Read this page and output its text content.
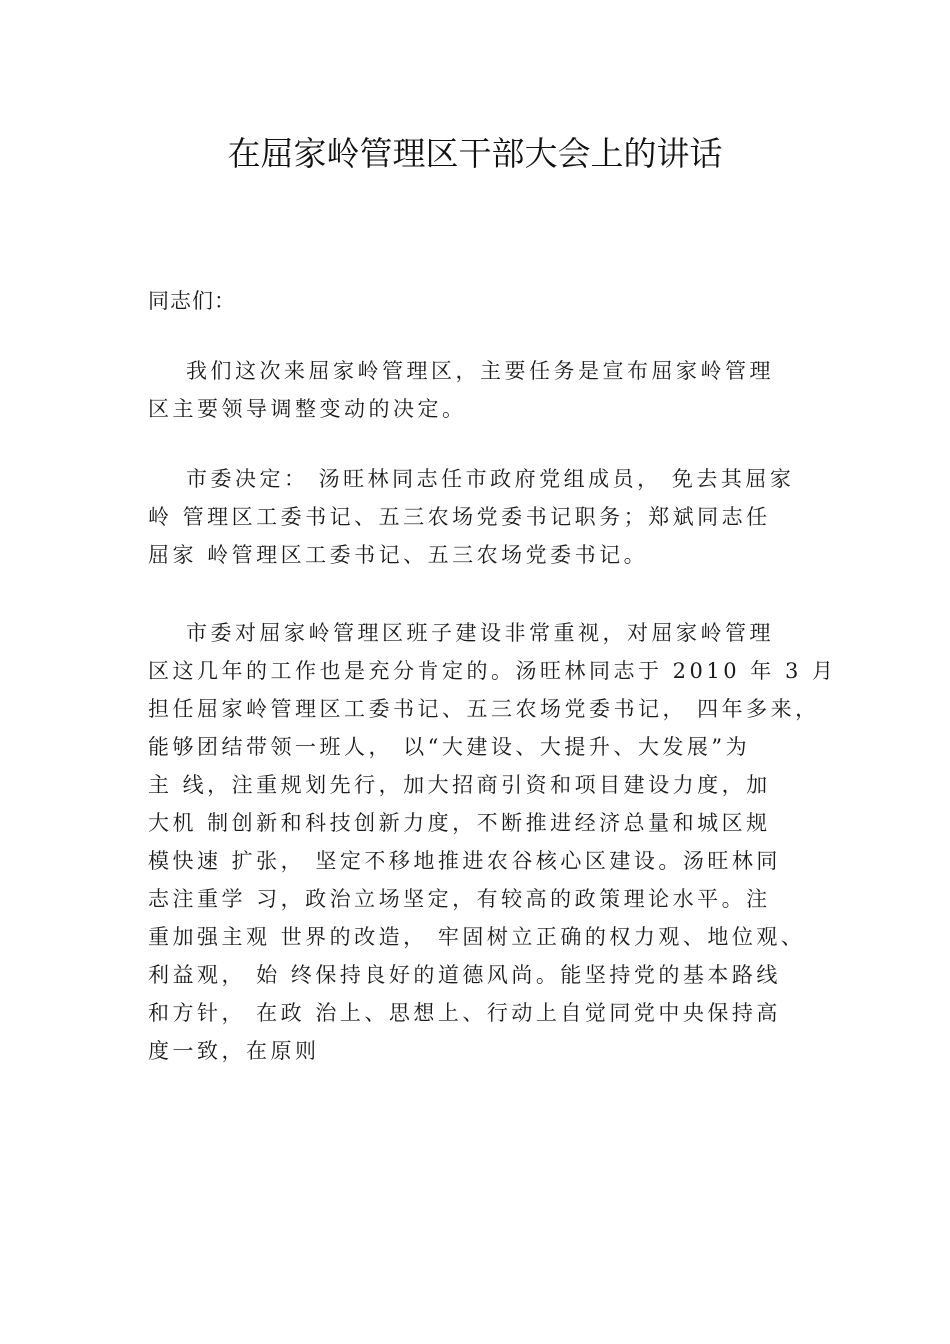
在屈家岭管理区干部大会上的讲话

同志们：

我们这次来屈家岭管理区，主要任务是宣布屈家岭管理
区主要领导调整变动的决定。

市委决定： 汤旺林同志任市政府党组成员， 免去其屈家
岭 管理区工委书记、五三农场党委书记职务；郑斌同志任
屈家 岭管理区工委书记、五三农场党委书记。

市委对屈家岭管理区班子建设非常重视，对屈家岭管理
区这几年的工作也是充分肯定的。汤旺林同志于 2010 年 3 月
担任屈家岭管理区工委书记、五三农场党委书记， 四年多来，
能够团结带领一班人， 以“大建设、大提升、大发展”为
主 线，注重规划先行，加大招商引资和项目建设力度，加
大机 制创新和科技创新力度，不断推进经济总量和城区规
模快速 扩张， 坚定不移地推进农谷核心区建设。汤旺林同
志注重学 习，政治立场坚定，有较高的政策理论水平。注
重加强主观 世界的改造， 牢固树立正确的权力观、地位观、
利益观， 始 终保持良好的道德风尚。能坚持党的基本路线
和方针， 在政 治上、思想上、行动上自觉同党中央保持高
度一致，在原则
